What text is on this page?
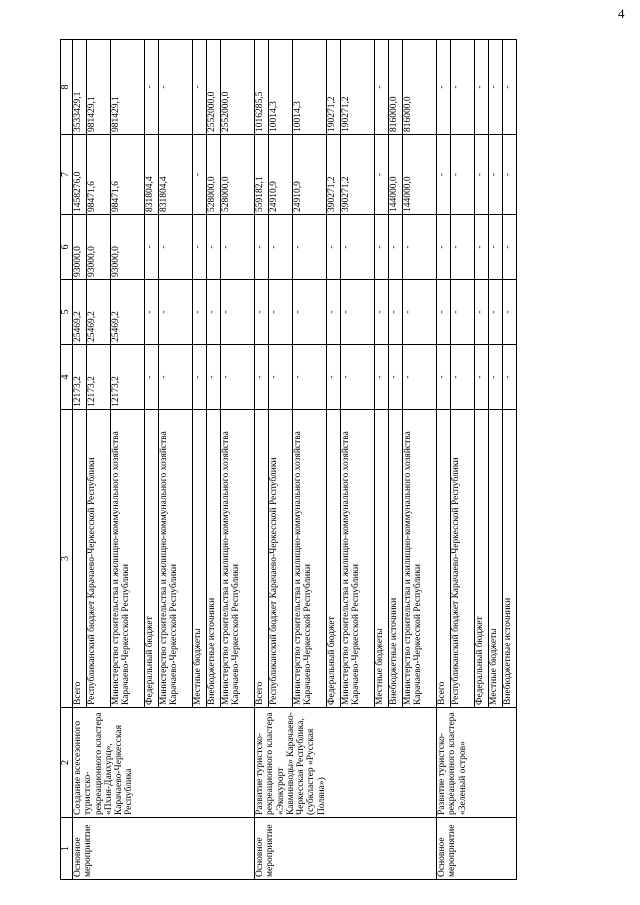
4
1	2	3	4	5	6	7	8
Основное мероприятие	Создание всесезонного туристско-рекреационного кластера «Пхия-Дамхурц», Карачаево-Черкесская Республика	Всего	12173,2	25469,2	93000,0	1458276,0	3533429,1
		Республиканский бюджет Карачаево-Черкесской Республики	12173,2	25469,2	93000,0	98471,6	981429,1
		Министерство строительства и жилищно-коммунального хозяйства Карачаево-Черкесской Республики	12173,2	25469,2	93000,0	98471,6	981429,1
		Федеральный бюджет	-	-	-	831804,4	-
		Министерство строительства и жилищно-коммунального хозяйства Карачаево-Черкесской Республики	-	-	-	831804,4	-
		Местные бюджеты	-	-	-	-	-
		Внебюджетные источники	-	-	-	528000,0	2552000,0
		Министерство строительства и жилищно-коммунального хозяйства Карачаево-Черкесской Республики	-	-	-	528000,0	2552000,0
Основное мероприятие	Развитие туристско-рекреационного кластера «Экокурорт Кавминводы» Карачаево-Черкесская Республика, (субкластер «Русская Поляна»)	Всего	-	-	-	559182,1	1016285,5
		Республиканский бюджет Карачаево-Черкесской Республики	-	-	-	24910,9	10014,3
		Министерство строительства и жилищно-коммунального хозяйства Карачаево-Черкесской Республики	-	-	-	24910,9	10014,3
		Федеральный бюджет	-	-	-	390271,2	190271,2
		Министерство строительства и жилищно-коммунального хозяйства Карачаево-Черкесской Республики	-	-	-	390271,2	190271,2
		Местные бюджеты	-	-	-	-	-
		Внебюджетные источники	-	-	-	144000,0	816000,0
		Министерство строительства и жилищно-коммунального хозяйства Карачаево-Черкесской Республики	-	-	-	144000,0	816000,0
Основное мероприятие	Развитие туристско-рекреационного кластера «Зеленый остров»	Всего	-	-	-	-	-
		Республиканский бюджет Карачаево-Черкесской Республики	-	-	-	-	-
		Федеральный бюджет	-	-	-	-	-
		Местные бюджеты	-	-	-	-	-
		Внебюджетные источники	-	-	-	-	-
